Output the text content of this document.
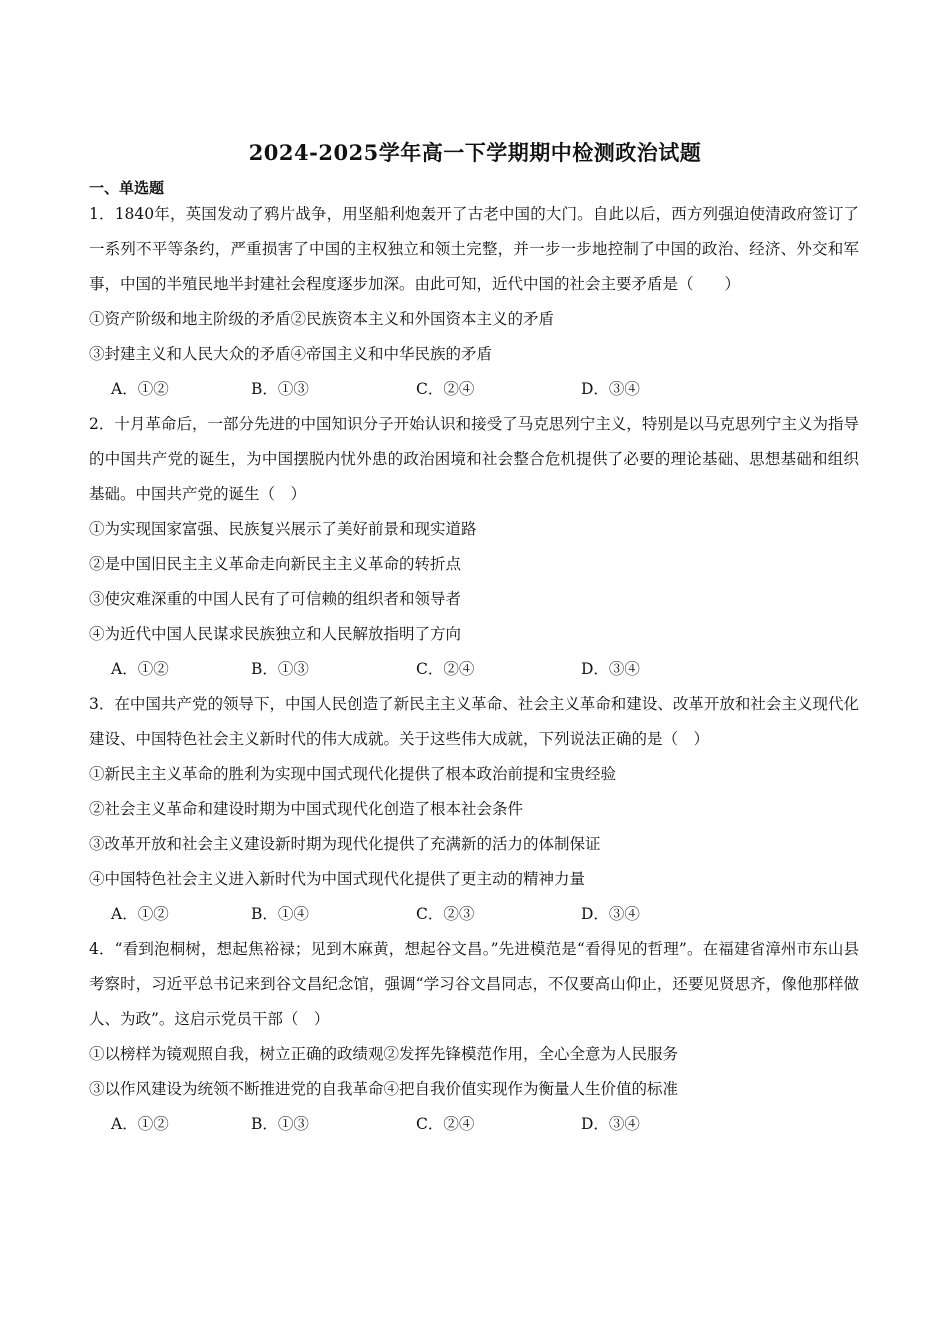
2024-2025学年高一下学期期中检测政治试题
一、单选题

1．1840年，英国发动了鸦片战争，用坚船利炮轰开了古老中国的大门。自此以后，西方列强迫使清政府签订了一系列不平等条约，严重损害了中国的主权独立和领土完整，并一步一步地控制了中国的政治、经济、外交和军事，中国的半殖民地半封建社会程度逐步加深。由此可知，近代中国的社会主要矛盾是（　　）

①资产阶级和地主阶级的矛盾②民族资本主义和外国资本主义的矛盾

③封建主义和人民大众的矛盾④帝国主义和中华民族的矛盾

A．①②	B．①③	C．②④	D．③④

2．十月革命后，一部分先进的中国知识分子开始认识和接受了马克思列宁主义，特别是以马克思列宁主义为指导的中国共产党的诞生，为中国摆脱内忧外患的政治困境和社会整合危机提供了必要的理论基础、思想基础和组织基础。中国共产党的诞生（　）

①为实现国家富强、民族复兴展示了美好前景和现实道路

②是中国旧民主主义革命走向新民主主义革命的转折点

③使灾难深重的中国人民有了可信赖的组织者和领导者

④为近代中国人民谋求民族独立和人民解放指明了方向

A．①②	B．①③	C．②④	D．③④

3．在中国共产党的领导下，中国人民创造了新民主主义革命、社会主义革命和建设、改革开放和社会主义现代化建设、中国特色社会主义新时代的伟大成就。关于这些伟大成就，下列说法正确的是（　）

①新民主主义革命的胜利为实现中国式现代化提供了根本政治前提和宝贵经验

②社会主义革命和建设时期为中国式现代化创造了根本社会条件

③改革开放和社会主义建设新时期为现代化提供了充满新的活力的体制保证

④中国特色社会主义进入新时代为中国式现代化提供了更主动的精神力量

A．①②	B．①④	C．②③	D．③④

4．“看到泡桐树，想起焦裕禄；见到木麻黄，想起谷文昌。”先进模范是“看得见的哲理”。在福建省漳州市东山县考察时，习近平总书记来到谷文昌纪念馆，强调“学习谷文昌同志，不仅要高山仰止，还要见贤思齐，像他那样做人、为政”。这启示党员干部（　）

①以榜样为镜观照自我，树立正确的政绩观②发挥先锋模范作用，全心全意为人民服务

③以作风建设为统领不断推进党的自我革命④把自我价值实现作为衡量人生价值的标准

A．①②	B．①③	C．②④	D．③④
